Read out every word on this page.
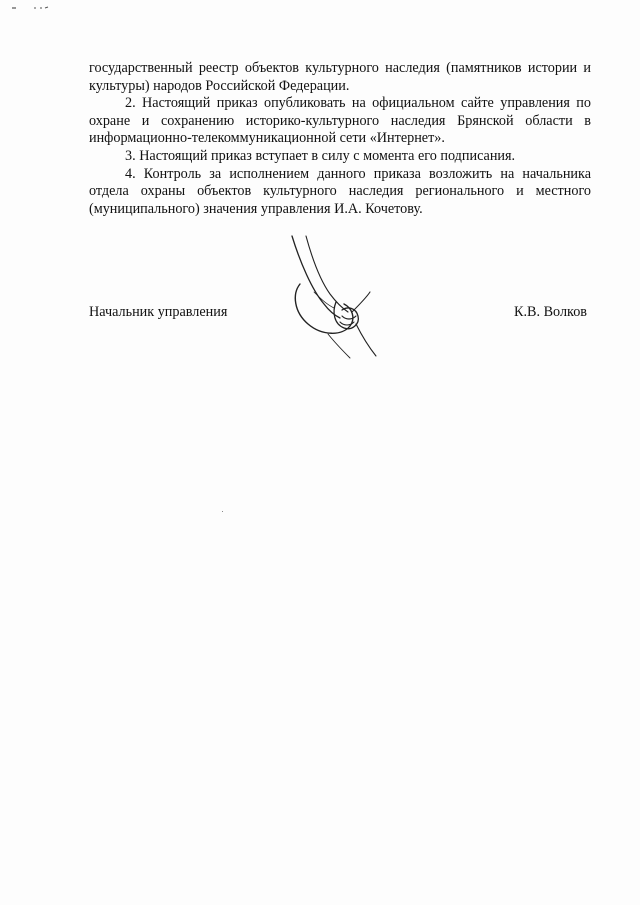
государственный реестр объектов культурного наследия (памятников истории и культуры) народов Российской Федерации.

2. Настоящий приказ опубликовать на официальном сайте управления по охране и сохранению историко-культурного наследия Брянской области в информационно-телекоммуникационной сети «Интернет».

3. Настоящий приказ вступает в силу с момента его подписания.

4. Контроль за исполнением данного приказа возложить на начальника отдела охраны объектов культурного наследия регионального и местного (муниципального) значения управления И.А. Кочетову.

Начальник управления	К.В. Волков
